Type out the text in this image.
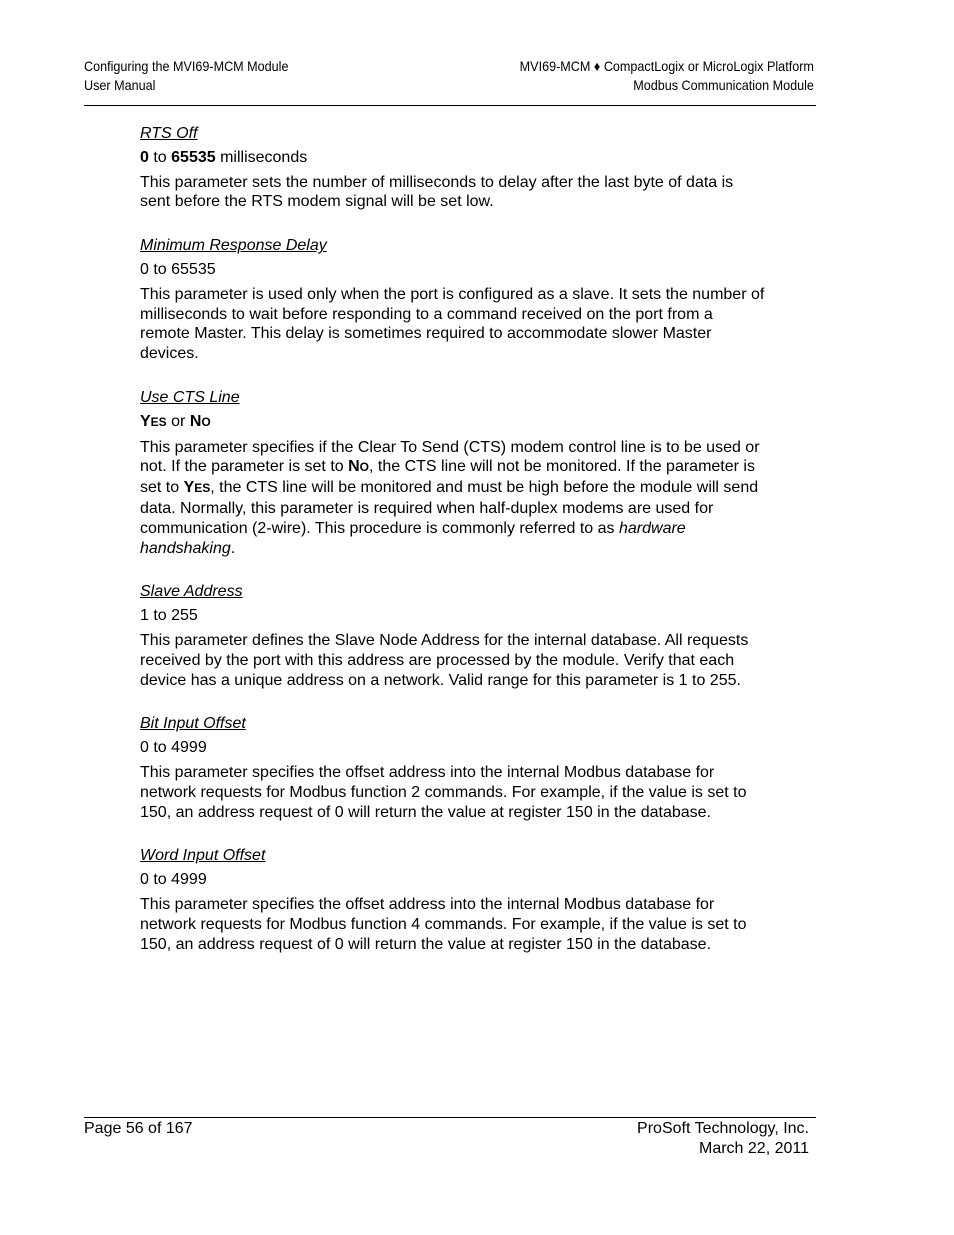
Configuring the MVI69-MCM Module
User Manual
MVI69-MCM ♦ CompactLogix or MicroLogix Platform
Modbus Communication Module
RTS Off
0 to 65535 milliseconds

This parameter sets the number of milliseconds to delay after the last byte of data is sent before the RTS modem signal will be set low.

Minimum Response Delay
0 to 65535

This parameter is used only when the port is configured as a slave. It sets the number of milliseconds to wait before responding to a command received on the port from a remote Master. This delay is sometimes required to accommodate slower Master devices.

Use CTS Line
YES or NO

This parameter specifies if the Clear To Send (CTS) modem control line is to be used or not. If the parameter is set to NO, the CTS line will not be monitored. If the parameter is set to YES, the CTS line will be monitored and must be high before the module will send data. Normally, this parameter is required when half-duplex modems are used for communication (2-wire). This procedure is commonly referred to as hardware handshaking.

Slave Address
1 to 255

This parameter defines the Slave Node Address for the internal database. All requests received by the port with this address are processed by the module. Verify that each device has a unique address on a network. Valid range for this parameter is 1 to 255.

Bit Input Offset
0 to 4999

This parameter specifies the offset address into the internal Modbus database for network requests for Modbus function 2 commands. For example, if the value is set to 150, an address request of 0 will return the value at register 150 in the database.

Word Input Offset
0 to 4999

This parameter specifies the offset address into the internal Modbus database for network requests for Modbus function 4 commands. For example, if the value is set to 150, an address request of 0 will return the value at register 150 in the database.

Page 56 of 167	ProSoft Technology, Inc.
March 22, 2011
